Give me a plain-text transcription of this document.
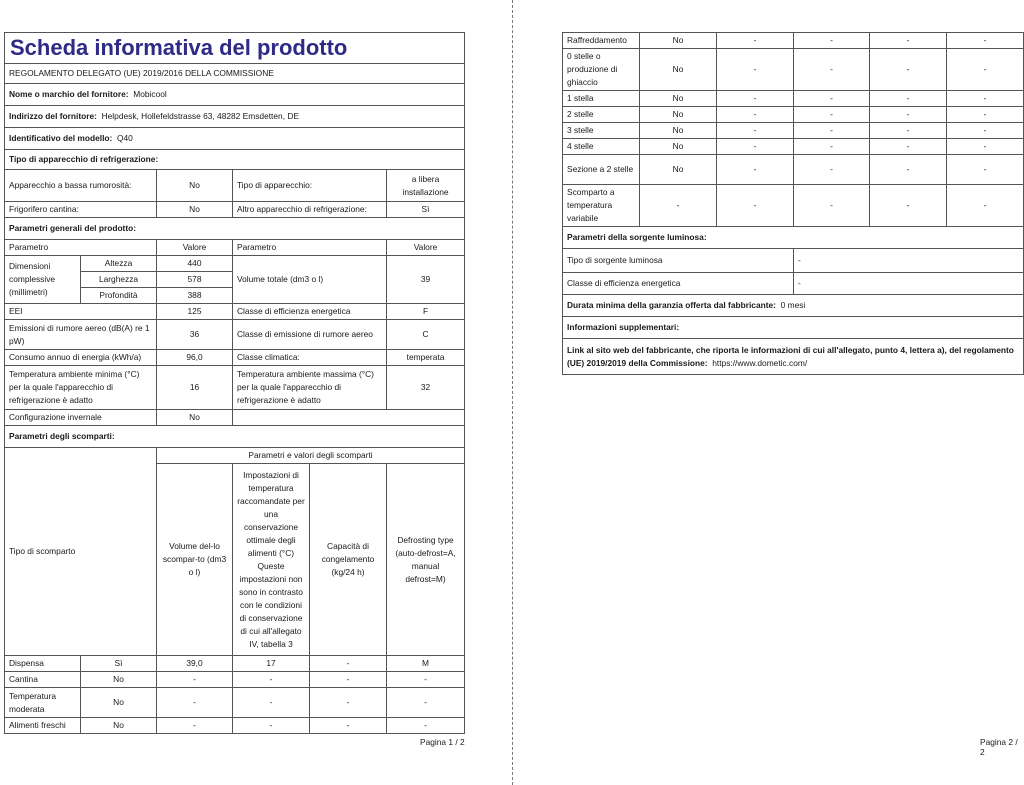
Scheda informativa del prodotto					
REGOLAMENTO DELEGATO (UE) 2019/2016 DELLA COMMISSIONE					
Nome o marchio del fornitore: Mobicool					
Indirizzo del fornitore: Helpdesk, Hollefeldstrasse 63, 48282 Emsdetten, DE					
Identificativo del modello: Q40					
Tipo di apparecchio di refrigerazione:					
Apparecchio a bassa rumorosità:		No	Tipo di apparecchio:		a libera installazione
Frigorifero cantina:		No	Altro apparecchio di refrigerazione:		Sì
Parametri generali del prodotto:					
Parametro		Valore	Parametro		Valore
Dimensioni complessive (millimetri)	Altezza	440	Volume totale (dm3 o l)		39
	Larghezza	578			
	Profondità	388			
EEI		125	Classe di efficienza energetica		F
Emissioni di rumore aereo (dB(A) re 1 pW)		36	Classe di emissione di rumore aereo		C
Consumo annuo di energia (kWh/a)		96,0	Classe climatica:		temperata
Temperatura ambiente minima (°C) per la quale l'apparecchio di refrigerazione è adatto		16	Temperatura ambiente massima (°C) per la quale l'apparecchio di refrigerazione è adatto		32
Configurazione invernale		No			
Parametri degli scomparti:					
Tipo di scomparto		Parametri e valori degli scomparti			
		Volume del-lo scompar-to (dm3 o l)	Impostazioni di temperatura raccomandate per una conservazione ottimale degli alimenti (°C) Queste impostazioni non sono in contrasto con le condizioni di conservazione di cui all'allegato IV, tabella 3	Capacità di congelamento (kg/24 h)	Defrosting type (auto-defrost=A, manual defrost=M)
Dispensa	Sì	39,0	17	-	M
Cantina	No	-	-	-	-
Temperatura moderata	No	-	-	-	-
Alimenti freschi	No	-	-	-	-
Pagina 1 / 2
Raffreddamento	No	-	-	-	-
0 stelle o produzione di ghiaccio	No	-	-	-	-
1 stella	No	-	-	-	-
2 stelle	No	-	-	-	-
3 stelle	No	-	-	-	-
4 stelle	No	-	-	-	-
Sezione a 2 stelle	No	-	-	-	-
Scomparto a temperatura variabile	-	-	-	-	-
Parametri della sorgente luminosa:					
Tipo di sorgente luminosa			-		
Classe di efficienza energetica			-		
Durata minima della garanzia offerta dal fabbricante: 0 mesi					
Informazioni supplementari:					
Link al sito web del fabbricante, che riporta le informazioni di cui all'allegato, punto 4, lettera a), del regolamento (UE) 2019/2019 della Commissione: https://www.dometic.com/					
Pagina 2 / 2
